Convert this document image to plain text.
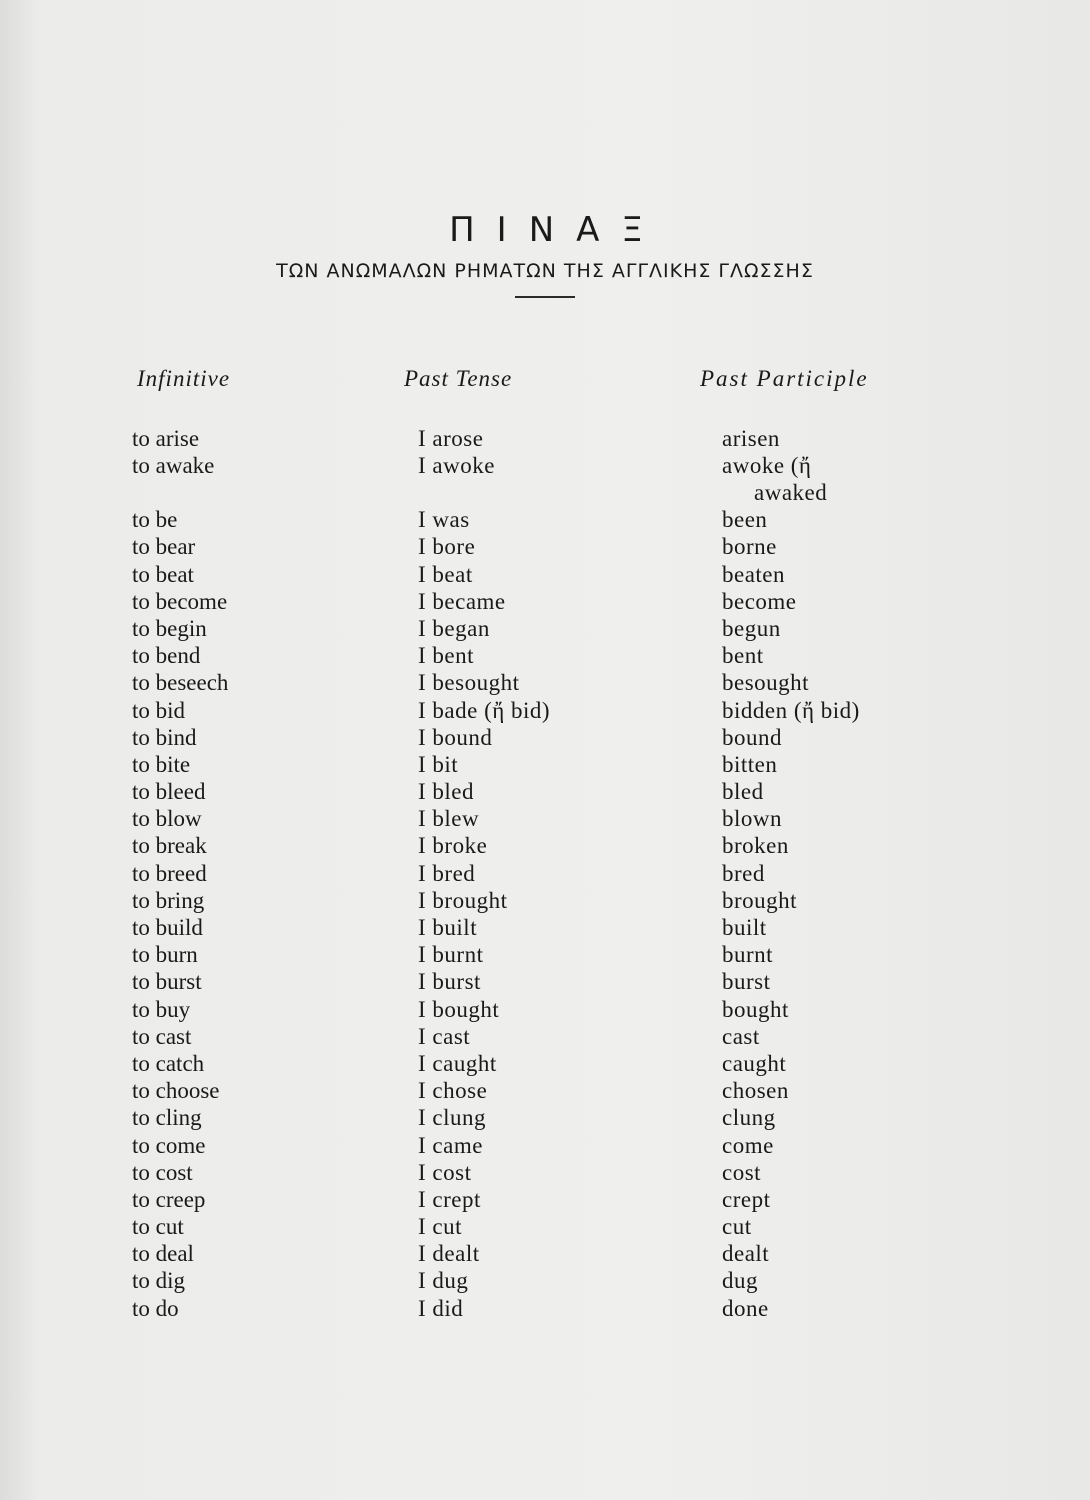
ΠΙΝΑΞ
ΤΩΝ ΑΝΩΜΑΛΩΝ ΡΗΜΑΤΩΝ ΤΗΣ ΑΓΓΛΙΚΗΣ ΓΛΩΣΣΗΣ
Infinitive	Past Tense	Past Participle
to arise	I arose	arisen
to awake	I awoke	awoke (ἤ
awaked
to be	I was	been
to bear	I bore	borne
to beat	I beat	beaten
to become	I became	become
to begin	I began	begun
to bend	I bent	bent
to beseech	I besought	besought
to bid	I bade (ἤ bid)	bidden (ἤ bid)
to bind	I bound	bound
to bite	I bit	bitten
to bleed	I bled	bled
to blow	I blew	blown
to break	I broke	broken
to breed	I bred	bred
to bring	I brought	brought
to build	I built	built
to burn	I burnt	burnt
to burst	I burst	burst
to buy	I bought	bought
to cast	I cast	cast
to catch	I caught	caught
to choose	I chose	chosen
to cling	I clung	clung
to come	I came	come
to cost	I cost	cost
to creep	I crept	crept
to cut	I cut	cut
to deal	I dealt	dealt
to dig	I dug	dug
to do	I did	done
